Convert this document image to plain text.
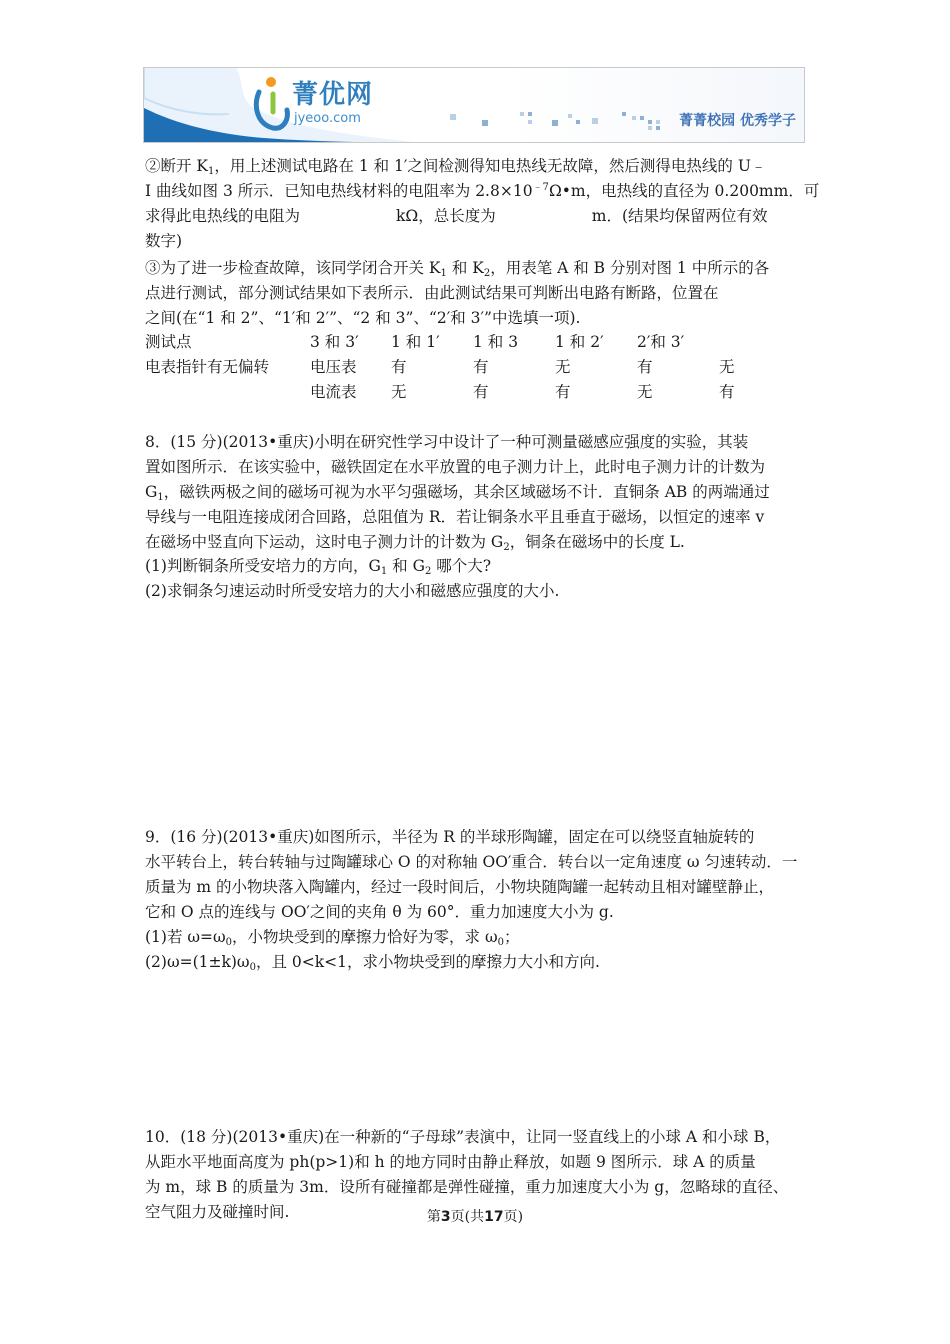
菁优网
jyeoo.com	菁菁校园 优秀学子
②断开 $K_1$，用上述测试电路在 1 和 1′之间检测得知电热线无故障，然后测得电热线的 U﹣
I 曲线如图 3 所示．已知电热线材料的电阻率为 $2.8\times 10^{﹣7}\Omega•m$，电热线的直径为 0.200mm．可
求得此电热线的电阻为	kΩ，总长度为	m．(结果均保留两位有效
数字)
③为了进一步检查故障，该同学闭合开关 $K_1$ 和 $K_2$，用表笔 A 和 B 分别对图 1 中所示的各
点进行测试，部分测试结果如下表所示．由此测试结果可判断出电路有断路，位置在
之间(在“1 和 2”、“1′和 2′”、“2 和 3”、“2′和 3′”中选填一项).
测试点	3 和 3′ 1 和 1′ 1 和 3 1 和 2′ 2′和 3′
电表指针有无偏转	电压表 有	有	无	有	无
电流表 无	有	有	无	有
8．(15 分)(2013•重庆)小明在研究性学习中设计了一种可测量磁感应强度的实验，其装
置如图所示．在该实验中，磁铁固定在水平放置的电子测力计上，此时电子测力计的计数为
$G_1$，磁铁两极之间的磁场可视为水平匀强磁场，其余区域磁场不计．直铜条 AB 的两端通过
导线与一电阻连接成闭合回路，总阻值为 R．若让铜条水平且垂直于磁场，以恒定的速率 v
在磁场中竖直向下运动，这时电子测力计的计数为 $G_2$，铜条在磁场中的长度 L.
(1)判断铜条所受安培力的方向，$G_1$ 和 $G_2$ 哪个大?
(2)求铜条匀速运动时所受安培力的大小和磁感应强度的大小.
9．(16 分)(2013•重庆)如图所示，半径为 R 的半球形陶罐，固定在可以绕竖直轴旋转的
水平转台上，转台转轴与过陶罐球心 O 的对称轴 OO′重合．转台以一定角速度 ω 匀速转动．一
质量为 m 的小物块落入陶罐内，经过一段时间后，小物块随陶罐一起转动且相对罐壁静止，
它和 O 点的连线与 OO′之间的夹角 θ 为 60°．重力加速度大小为 g.
(1)若 $\omega=\omega_0$，小物块受到的摩擦力恰好为零，求 $\omega_0$；
$(2)\omega=(1\pm k)\omega_0$，且 0<k<1，求小物块受到的摩擦力大小和方向.
10．(18 分)(2013•重庆)在一种新的“子母球”表演中，让同一竖直线上的小球 A 和小球 B，
从距水平地面高度为 ph(p>1)和 h 的地方同时由静止释放，如题 9 图所示．球 A 的质量
为 m，球 B 的质量为 3m．设所有碰撞都是弹性碰撞，重力加速度大小为 g，忽略球的直径、
空气阻力及碰撞时间.	第3页(共17页)
